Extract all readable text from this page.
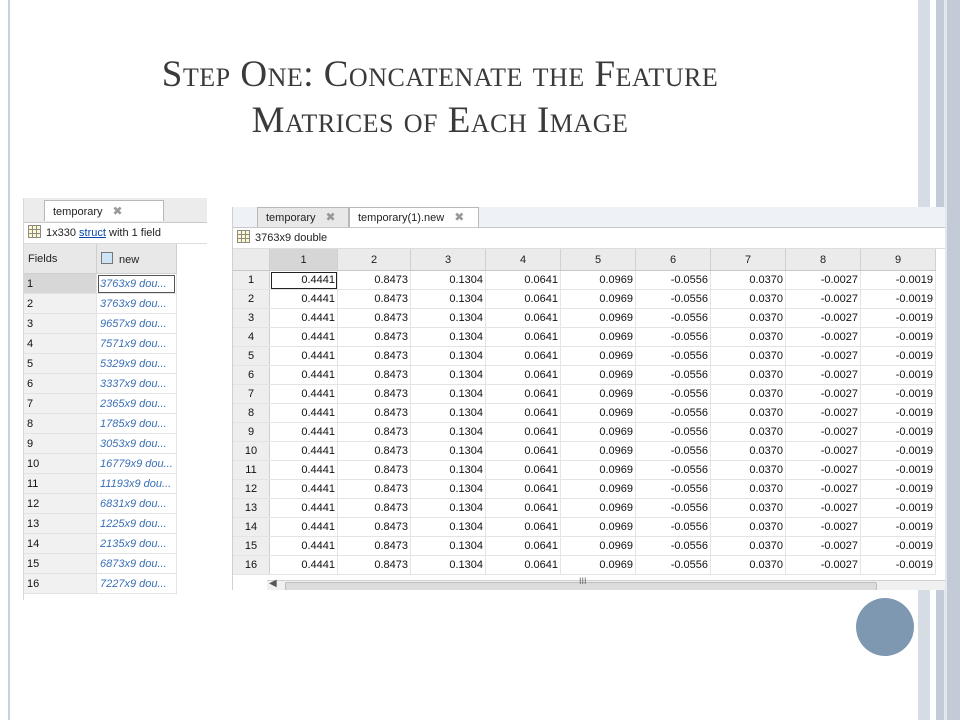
Step One: Concatenate the Feature
Matrices of Each Image
temporary ✖
1x330 struct with 1 field
Fields	new
1	3763x9 dou...
2	3763x9 dou...
3	9657x9 dou...
4	7571x9 dou...
5	5329x9 dou...
6	3337x9 dou...
7	2365x9 dou...
8	1785x9 dou...
9	3053x9 dou...
10	16779x9 dou...
11	11193x9 dou...
12	6831x9 dou...
13	1225x9 dou...
14	2135x9 dou...
15	6873x9 dou...
16	7227x9 dou...
temporary ✖	temporary(1).new ✖
3763x9 double
	1	2	3	4	5	6	7	8	9
1	0.4441	0.8473	0.1304	0.0641	0.0969	-0.0556	0.0370	-0.0027	-0.0019
2	0.4441	0.8473	0.1304	0.0641	0.0969	-0.0556	0.0370	-0.0027	-0.0019
3	0.4441	0.8473	0.1304	0.0641	0.0969	-0.0556	0.0370	-0.0027	-0.0019
4	0.4441	0.8473	0.1304	0.0641	0.0969	-0.0556	0.0370	-0.0027	-0.0019
5	0.4441	0.8473	0.1304	0.0641	0.0969	-0.0556	0.0370	-0.0027	-0.0019
6	0.4441	0.8473	0.1304	0.0641	0.0969	-0.0556	0.0370	-0.0027	-0.0019
7	0.4441	0.8473	0.1304	0.0641	0.0969	-0.0556	0.0370	-0.0027	-0.0019
8	0.4441	0.8473	0.1304	0.0641	0.0969	-0.0556	0.0370	-0.0027	-0.0019
9	0.4441	0.8473	0.1304	0.0641	0.0969	-0.0556	0.0370	-0.0027	-0.0019
10	0.4441	0.8473	0.1304	0.0641	0.0969	-0.0556	0.0370	-0.0027	-0.0019
11	0.4441	0.8473	0.1304	0.0641	0.0969	-0.0556	0.0370	-0.0027	-0.0019
12	0.4441	0.8473	0.1304	0.0641	0.0969	-0.0556	0.0370	-0.0027	-0.0019
13	0.4441	0.8473	0.1304	0.0641	0.0969	-0.0556	0.0370	-0.0027	-0.0019
14	0.4441	0.8473	0.1304	0.0641	0.0969	-0.0556	0.0370	-0.0027	-0.0019
15	0.4441	0.8473	0.1304	0.0641	0.0969	-0.0556	0.0370	-0.0027	-0.0019
16	0.4441	0.8473	0.1304	0.0641	0.0969	-0.0556	0.0370	-0.0027	-0.0019
◀	III
